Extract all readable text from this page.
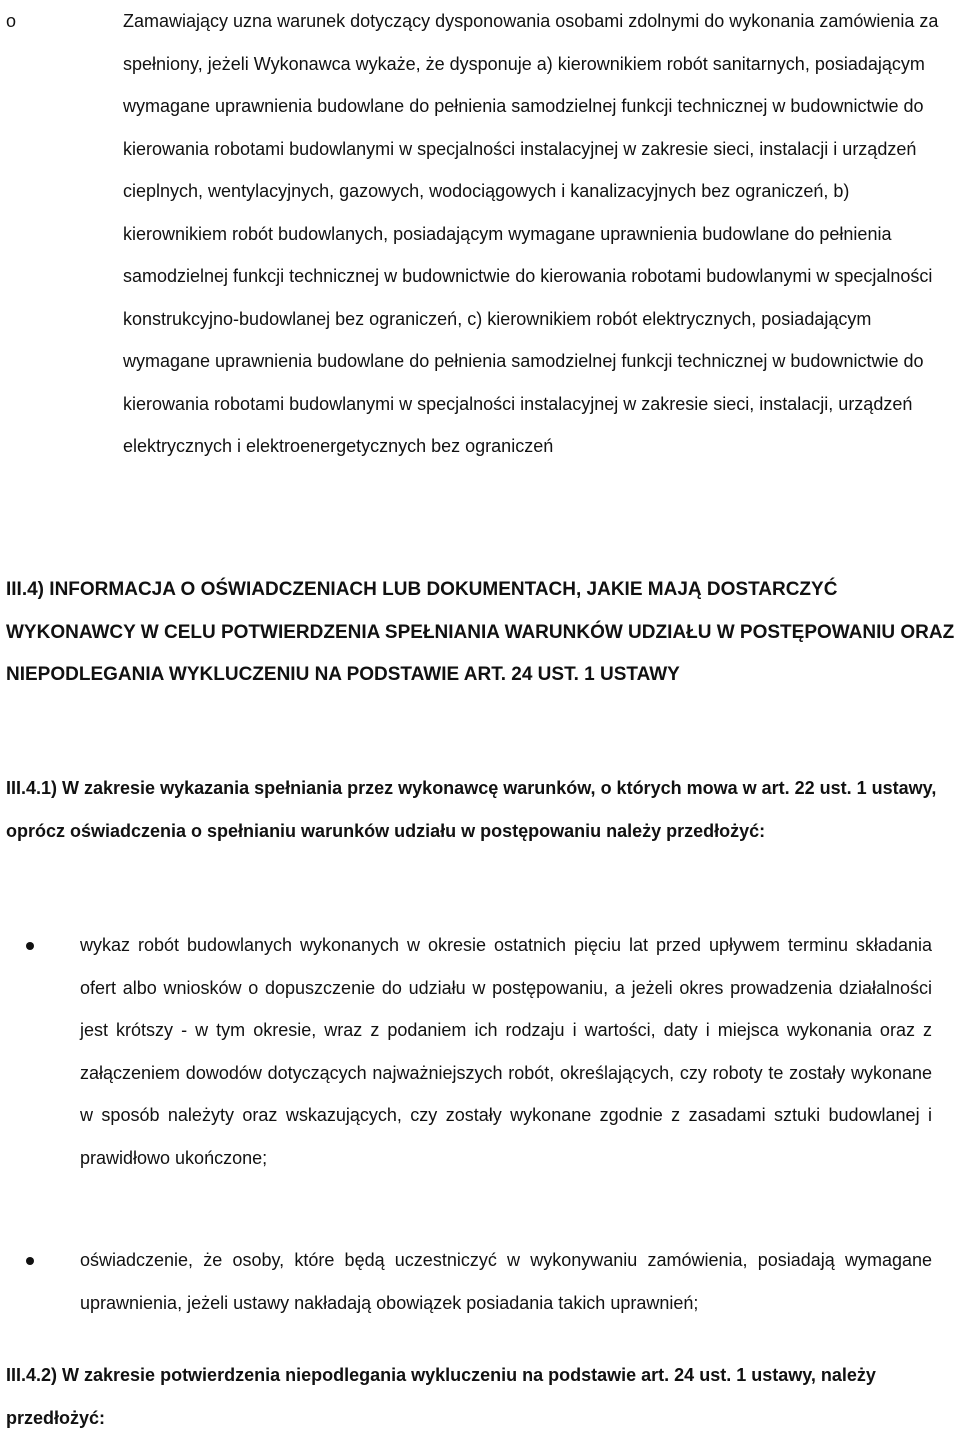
o	Zamawiający uzna warunek dotyczący dysponowania osobami zdolnymi do wykonania zamówienia za spełniony, jeżeli Wykonawca wykaże, że dysponuje a) kierownikiem robót sanitarnych, posiadającym wymagane uprawnienia budowlane do pełnienia samodzielnej funkcji technicznej w budownictwie do kierowania robotami budowlanymi w specjalności instalacyjnej w zakresie sieci, instalacji i urządzeń cieplnych, wentylacyjnych, gazowych, wodociągowych i kanalizacyjnych bez ograniczeń, b) kierownikiem robót budowlanych, posiadającym wymagane uprawnienia budowlane do pełnienia samodzielnej funkcji technicznej w budownictwie do kierowania robotami budowlanymi w specjalności konstrukcyjno-budowlanej bez ograniczeń, c) kierownikiem robót elektrycznych, posiadającym wymagane uprawnienia budowlane do pełnienia samodzielnej funkcji technicznej w budownictwie do kierowania robotami budowlanymi w specjalności instalacyjnej w zakresie sieci, instalacji, urządzeń elektrycznych i elektroenergetycznych bez ograniczeń
III.4) INFORMACJA O OŚWIADCZENIACH LUB DOKUMENTACH, JAKIE MAJĄ DOSTARCZYĆ WYKONAWCY W CELU POTWIERDZENIA SPEŁNIANIA WARUNKÓW UDZIAŁU W POSTĘPOWANIU ORAZ NIEPODLEGANIA WYKLUCZENIU NA PODSTAWIE ART. 24 UST. 1 USTAWY
III.4.1) W zakresie wykazania spełniania przez wykonawcę warunków, o których mowa w art. 22 ust. 1 ustawy, oprócz oświadczenia o spełnianiu warunków udziału w postępowaniu należy przedłożyć:
wykaz robót budowlanych wykonanych w okresie ostatnich pięciu lat przed upływem terminu składania ofert albo wniosków o dopuszczenie do udziału w postępowaniu, a jeżeli okres prowadzenia działalności jest krótszy - w tym okresie, wraz z podaniem ich rodzaju i wartości, daty i miejsca wykonania oraz z załączeniem dowodów dotyczących najważniejszych robót, określających, czy roboty te zostały wykonane w sposób należyty oraz wskazujących, czy zostały wykonane zgodnie z zasadami sztuki budowlanej i prawidłowo ukończone;
oświadczenie, że osoby, które będą uczestniczyć w wykonywaniu zamówienia, posiadają wymagane uprawnienia, jeżeli ustawy nakładają obowiązek posiadania takich uprawnień;
III.4.2) W zakresie potwierdzenia niepodlegania wykluczeniu na podstawie art. 24 ust. 1 ustawy, należy przedłożyć:
